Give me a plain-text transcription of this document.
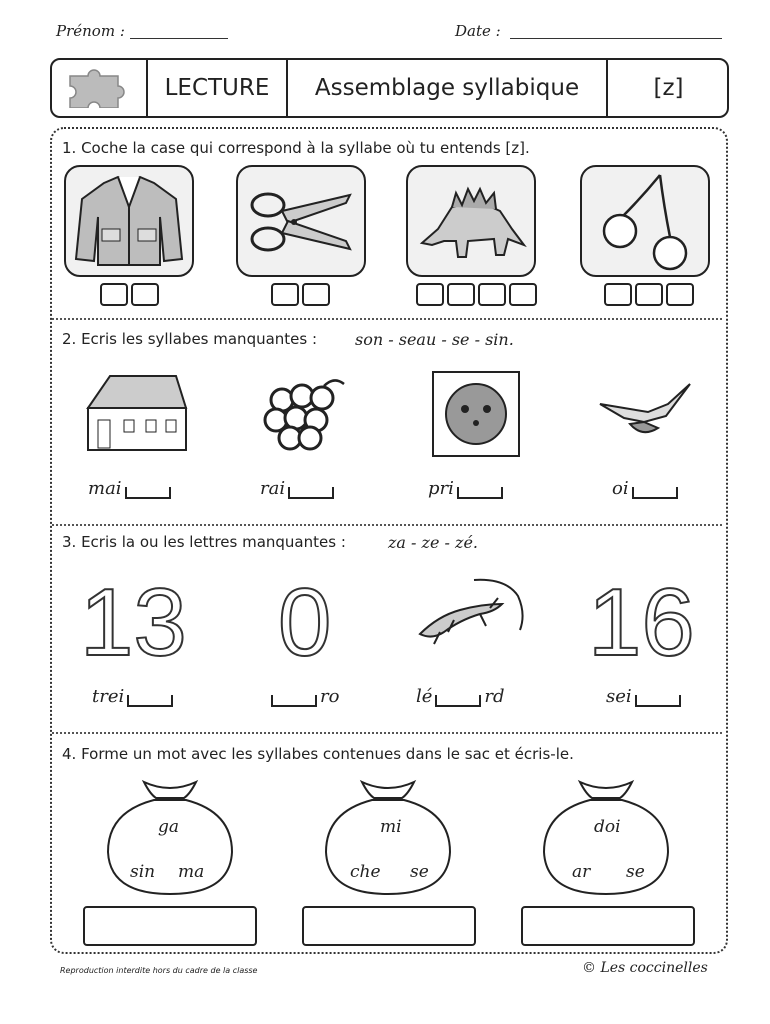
Prénom :	Date :
LECTURE	Assemblage syllabique	[z]
1. Coche la case qui correspond à la syllabe où tu entends [z].
2. Ecris les syllabes manquantes : son - seau - se - sin.
mai	rai	pri	oi
3. Ecris la ou les lettres manquantes :	za - ze - zé.
13 0	16
trei	ro	lé	rd	sei
4. Forme un mot avec les syllabes contenues dans le sac et écris-le.
ga
sin ma
mi
che se
doi
ar se
Reproduction interdite hors du cadre de la classe	© Les coccinelles
